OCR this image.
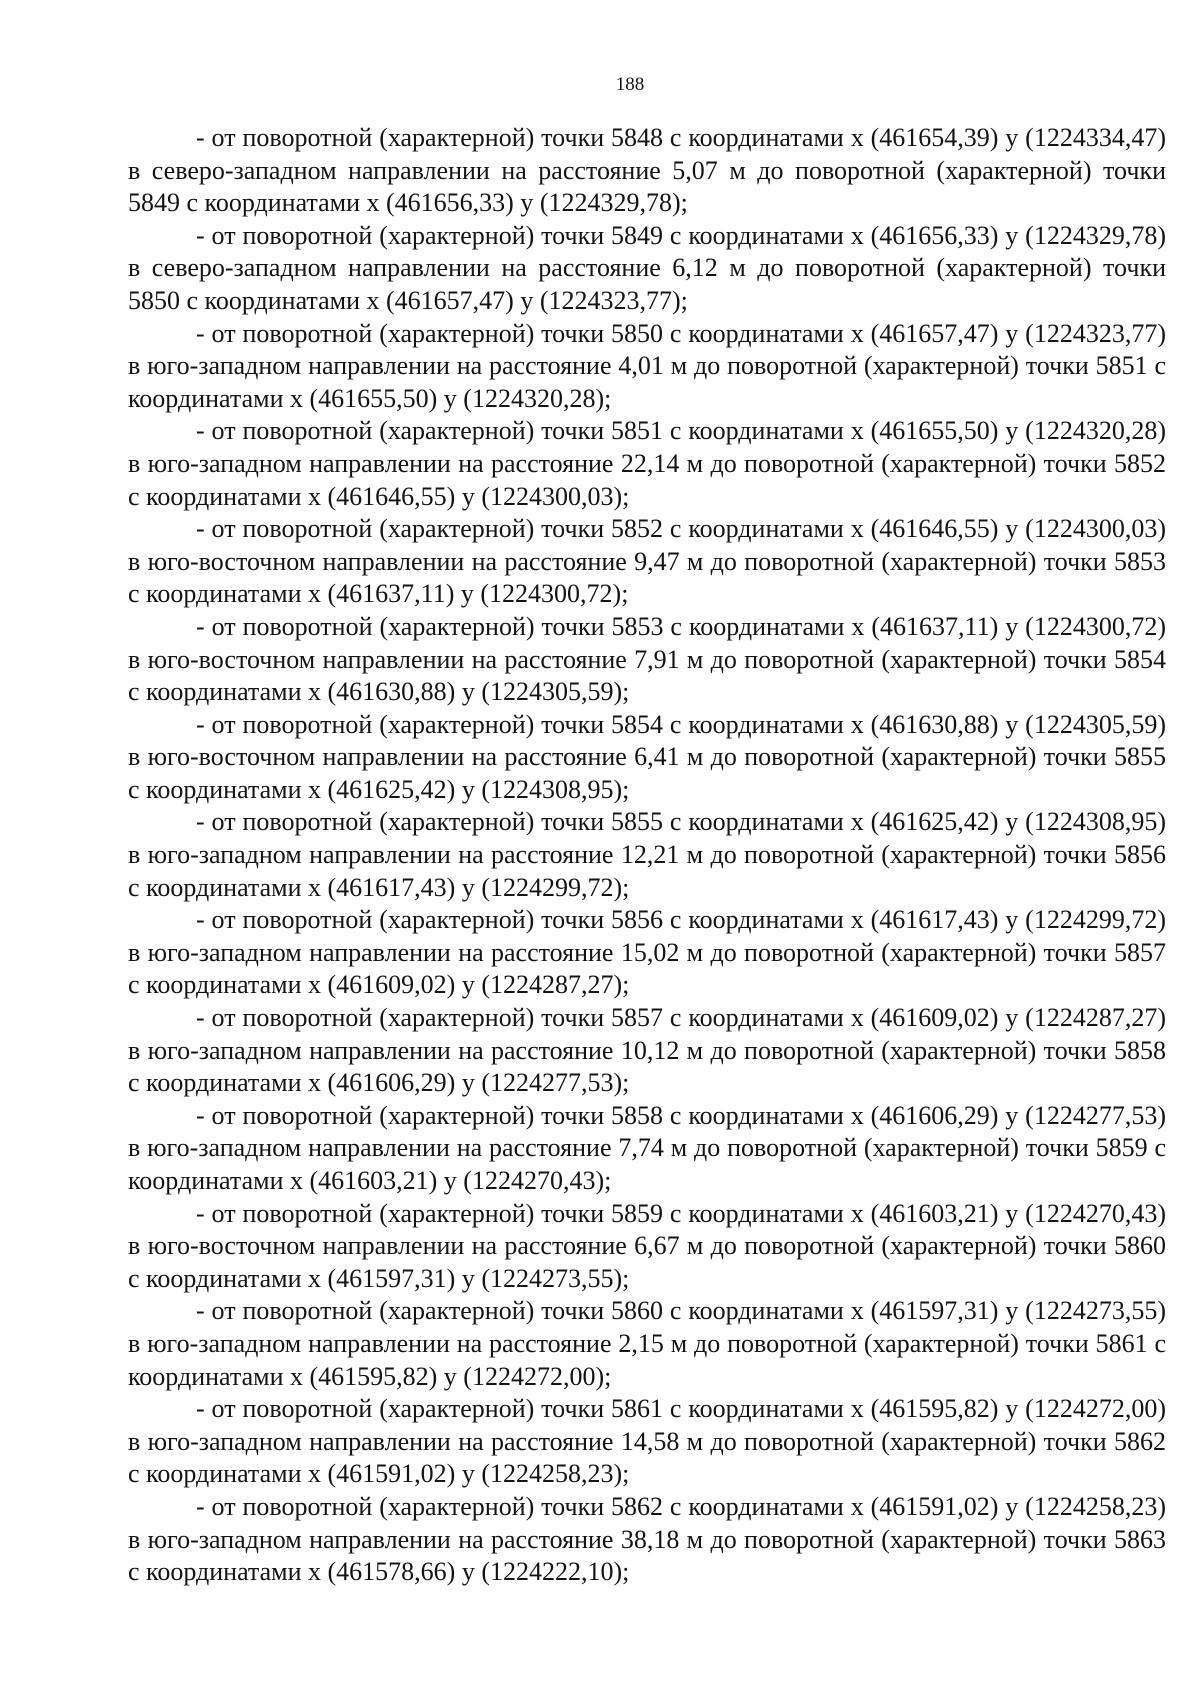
188

- от поворотной (характерной) точки 5848 с координатами x (461654,39) y (1224334,47) в северо-западном направлении на расстояние 5,07 м до поворотной (характерной) точки 5849 с координатами x (461656,33) y (1224329,78);

- от поворотной (характерной) точки 5849 с координатами x (461656,33) y (1224329,78) в северо-западном направлении на расстояние 6,12 м до поворотной (характерной) точки 5850 с координатами x (461657,47) y (1224323,77);

- от поворотной (характерной) точки 5850 с координатами x (461657,47) y (1224323,77) в юго-западном направлении на расстояние 4,01 м до поворотной (характерной) точки 5851 с координатами x (461655,50) y (1224320,28);

- от поворотной (характерной) точки 5851 с координатами x (461655,50) y (1224320,28) в юго-западном направлении на расстояние 22,14 м до поворотной (характерной) точки 5852 с координатами x (461646,55) y (1224300,03);

- от поворотной (характерной) точки 5852 с координатами x (461646,55) y (1224300,03) в юго-восточном направлении на расстояние 9,47 м до поворотной (характерной) точки 5853 с координатами x (461637,11) y (1224300,72);

- от поворотной (характерной) точки 5853 с координатами x (461637,11) y (1224300,72) в юго-восточном направлении на расстояние 7,91 м до поворотной (характерной) точки 5854 с координатами x (461630,88) y (1224305,59);

- от поворотной (характерной) точки 5854 с координатами x (461630,88) y (1224305,59) в юго-восточном направлении на расстояние 6,41 м до поворотной (характерной) точки 5855 с координатами x (461625,42) y (1224308,95);

- от поворотной (характерной) точки 5855 с координатами x (461625,42) y (1224308,95) в юго-западном направлении на расстояние 12,21 м до поворотной (характерной) точки 5856 с координатами x (461617,43) y (1224299,72);

- от поворотной (характерной) точки 5856 с координатами x (461617,43) y (1224299,72) в юго-западном направлении на расстояние 15,02 м до поворотной (характерной) точки 5857 с координатами x (461609,02) y (1224287,27);

- от поворотной (характерной) точки 5857 с координатами x (461609,02) y (1224287,27) в юго-западном направлении на расстояние 10,12 м до поворотной (характерной) точки 5858 с координатами x (461606,29) y (1224277,53);

- от поворотной (характерной) точки 5858 с координатами x (461606,29) y (1224277,53) в юго-западном направлении на расстояние 7,74 м до поворотной (характерной) точки 5859 с координатами x (461603,21) y (1224270,43);

- от поворотной (характерной) точки 5859 с координатами x (461603,21) y (1224270,43) в юго-восточном направлении на расстояние 6,67 м до поворотной (характерной) точки 5860 с координатами x (461597,31) y (1224273,55);

- от поворотной (характерной) точки 5860 с координатами x (461597,31) y (1224273,55) в юго-западном направлении на расстояние 2,15 м до поворотной (характерной) точки 5861 с координатами x (461595,82) y (1224272,00);

- от поворотной (характерной) точки 5861 с координатами x (461595,82) y (1224272,00) в юго-западном направлении на расстояние 14,58 м до поворотной (характерной) точки 5862 с координатами x (461591,02) y (1224258,23);

- от поворотной (характерной) точки 5862 с координатами x (461591,02) y (1224258,23) в юго-западном направлении на расстояние 38,18 м до поворотной (характерной) точки 5863 с координатами x (461578,66) y (1224222,10);
